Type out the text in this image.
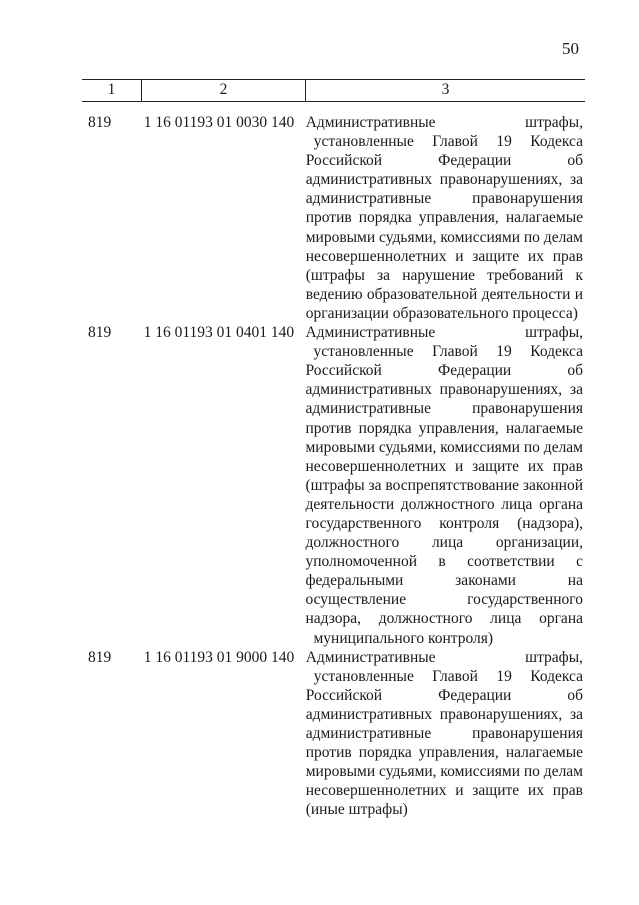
50
1	2	3
819	1 16 01193 01 0030 140 Административные штрафы,
установленные Главой 19 Кодекса
Российской Федерации об
административных правонарушениях, за
административные правонарушения
против порядка управления, налагаемые
мировыми судьями, комиссиями по делам
несовершеннолетних и защите их прав
(штрафы за нарушение требований к
ведению образовательной деятельности и
организации образовательного процесса)
819	1 16 01193 01 0401 140 Административные штрафы,
установленные Главой 19 Кодекса
Российской Федерации об
административных правонарушениях, за
административные правонарушения
против порядка управления, налагаемые
мировыми судьями, комиссиями по делам
несовершеннолетних и защите их прав
(штрафы за воспрепятствование законной
деятельности должностного лица органа
государственного контроля (надзора),
должностного лица организации,
уполномоченной в соответствии с
федеральными законами на
осуществление государственного
надзора, должностного лица органа
муниципального контроля)
819	1 16 01193 01 9000 140 Административные штрафы,
установленные Главой 19 Кодекса
Российской Федерации об
административных правонарушениях, за
административные правонарушения
против порядка управления, налагаемые
мировыми судьями, комиссиями по делам
несовершеннолетних и защите их прав
(иные штрафы)
